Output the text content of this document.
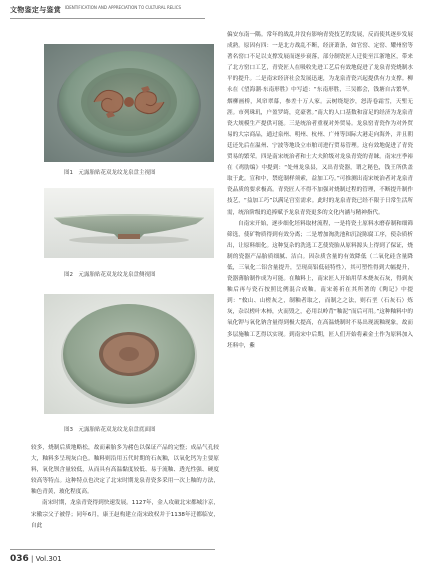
文物鉴定与鉴赏 IDENTIFICATION AND APPRECIATION TO CULTURAL RELICS
图1　元露胎贴花双龙纹龙泉盘主视图
图2　元露胎贴花双龙纹龙泉盘侧视图
图3　元露胎贴花双龙纹龙泉盘底面图

较多，烧制后质地略松，故而素胎多为赭色以保证产品的完整；成品气孔较大，釉料多呈现灰白色。釉料则沿用五代时期的石灰釉，以氧化钙为主要原料，氧化钡含量较低，从而具有高温黏度较低、易于流釉、透光性强、硬度较高等特点。这种特点也决定了北宋时期龙泉青瓷多采用一次上釉的方法，釉色青黄，玻化程度高。

南宋时期，龙泉青瓷得到快速发展。1127年，金人攻破北宋都城汴京，宋徽宗父子被俘；同年6月，康王赵构建立南宋政权并于1138年迁都临安，自此

偏安东南一隅。常年的战乱并没有影响青瓷技艺的发展，反而使其逐步发展成熟。原因有四：一是北方战乱不断，经济萧条，如官窑、定窑、耀州窑等著名窑口不足以支撑发展而逐步衰落，部分制瓷匠人迁徙至江浙地区，带来了北方窑口工艺，青瓷匠人在吸收先进工艺后有效地促进了龙泉青瓷烧制水平的提升。二是南宋经济社会发展迅速，为龙泉青瓷兴起提供有力支撑。柳永在《望海潮·东南形胜》中写道：“东南形胜，三吴都会，钱塘自古繁华。烟柳画桥，风帘翠幕，参差十万人家。云树绕堤沙，怒涛卷霜雪，天堑无涯。市列珠玑，户盈罗绮，竞豪奢。”南大的人口基数和富足的经济为龙泉青瓷大规模生产提供可能。三是统治者重视对外贸易。龙泉窑青瓷作为对外贸易的大宗商品，通过泉州、明州、杭州、广州等国际大港走向海外，并且朝廷还先后在温州、宁波等地设立市舶司进行贸易管理。这有效地促进了青瓷贸易的繁荣。四是南宋统治者和士大夫阶级对龙泉青瓷的青睐。南宋庄季裕在《鸡肋编》中提到：“处州龙泉县，又出青瓷器，谓之秘色，钱王所供盖取于此。宣和中，禁庭制样须索，益加工巧。”可推测出南宋统治者对龙泉青瓷品质的要求极高。青瓷匠人不得不加强对烧制过程的管理，不断提升制作技艺，“益加工巧”以满足宫室需求。此时的龙泉青瓷已经不限于日常生活所需，统治阶级的追捧赋予龙泉青瓷更多的文化内涵与精神指代。

自南宋开始，逐步细化坯料取材流程，一是将瓷土原料水磨春制和细筛筛选，使矿物质得到有效分离；二是增加淘洗池和沉淀陈腐工序，使杂质析出，让原料细化。这种复杂的洗选工艺使瓷胎从原料源头上得到了保证，烧制的瓷器产品胎质细腻、洁白。因杂质含量的有效降低（二氧化硅含量降低，三氧化二铝含量提升，呈现高铝低硅特性），其可塑性得到大幅提升，瓷器薄胎制作成为可能。在釉料上，南宋匠人开始用草木烧灰石灰，得到灰釉后再与瓷石按照比例混合成釉。南宋蒋祈在其所著的《陶记》中提到：“攸山、山槎灰之，制釉者取之，而制之之法，则石垩（石灰石）炼灰，杂以槎叶木柿，火而毁之，必用以岭背“釉泥”而后可用。”这种釉料中的氧化钾与氧化钠含量得到极大提高，在高温烧制时不易出现流釉现象，故而多层施釉工艺得以实现。到南宋中后期，匠人们开始将素金土作为原料加入坯料中，紫

036 | Vol.301
